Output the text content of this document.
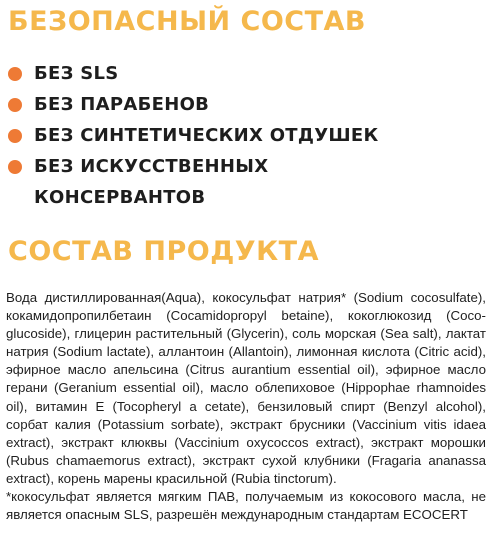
БЕЗОПАСНЫЙ СОСТАВ
БЕЗ SLS
БЕЗ ПАРАБЕНОВ
БЕЗ СИНТЕТИЧЕСКИХ ОТДУШЕК
БЕЗ ИСКУССТВЕННЫХ
КОНСЕРВАНТОВ
СОСТАВ ПРОДУКТА

Вода дистиллированная(Aqua), кокосульфат натрия* (Sodium cocosulfate), кокамидопропилбетаин (Cocamidopropyl betaine), кокоглюкозид (Coco-glucoside), глицерин растительный (Glycerin), соль морская (Sea salt), лактат натрия (Sodium lactate), аллантоин (Allantoin), лимонная кислота (Citric acid), эфирное масло апельсина (Citrus aurantium essential oil), эфирное масло герани (Geranium essential oil), масло облепиховое (Hippophae rhamnoides oil), витамин E (Tocopheryl a cetate), бензиловый спирт (Benzyl alcohol), сорбат калия (Potassium sorbate), экстракт брусники (Vaccinium vitis idaea extract), экстракт клюквы (Vaccinium oxycoccos extract), экстракт морошки (Rubus chamaemorus extract), экстракт сухой клубники (Fragaria ananassa extract), корень марены красильной (Rubia tinctorum).

*кокосульфат является мягким ПАВ, получаемым из кокосового масла, не является опасным SLS, разрешён международным стандартам ECOCERT
